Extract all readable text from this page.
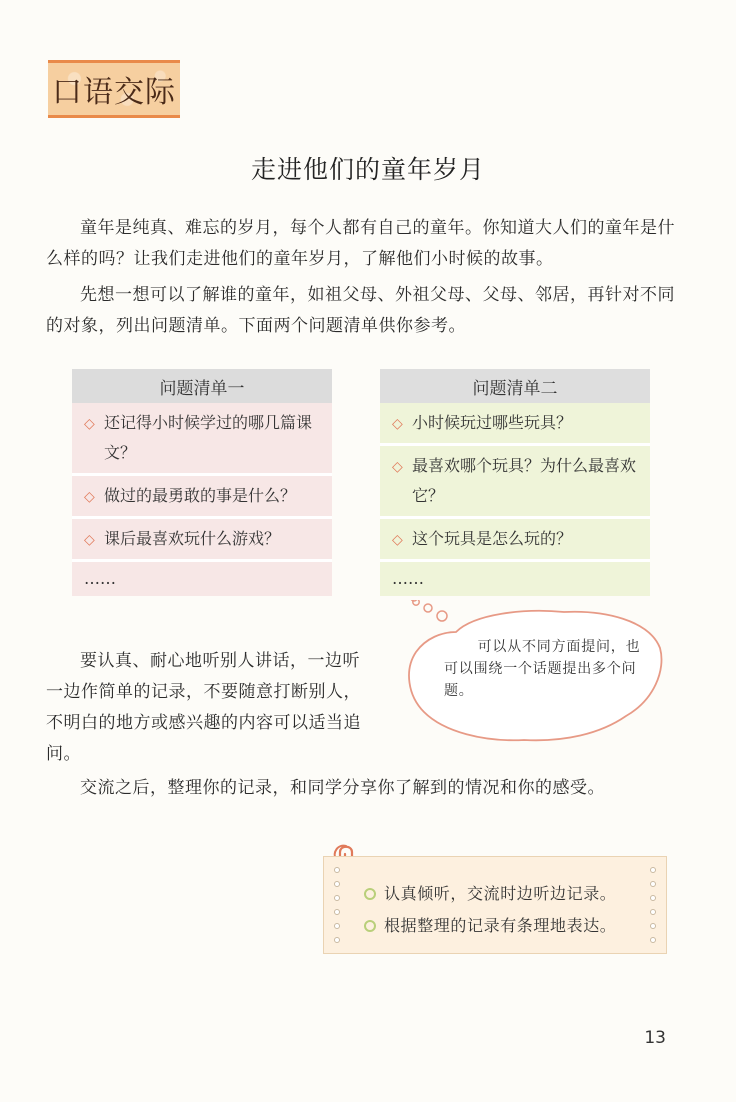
口语交际
走进他们的童年岁月

童年是纯真、难忘的岁月，每个人都有自己的童年。你知道大人们的童年是什么样的吗？让我们走进他们的童年岁月，了解他们小时候的故事。

先想一想可以了解谁的童年，如祖父母、外祖父母、父母、邻居，再针对不同的对象，列出问题清单。下面两个问题清单供你参考。

问题清单一
◇ 还记得小时候学过的哪几篇课文？
◇ 做过的最勇敢的事是什么？
◇ 课后最喜欢玩什么游戏？
……
问题清单二
◇ 小时候玩过哪些玩具？
◇ 最喜欢哪个玩具？为什么最喜欢它？
◇ 这个玩具是怎么玩的？
……
可以从不同方面提问，也可以围绕一个话题提出多个问题。

要认真、耐心地听别人讲话，一边听一边作简单的记录，不要随意打断别人，不明白的地方或感兴趣的内容可以适当追问。

交流之后，整理你的记录，和同学分享你了解到的情况和你的感受。

认真倾听，交流时边听边记录。
根据整理的记录有条理地表达。
13
